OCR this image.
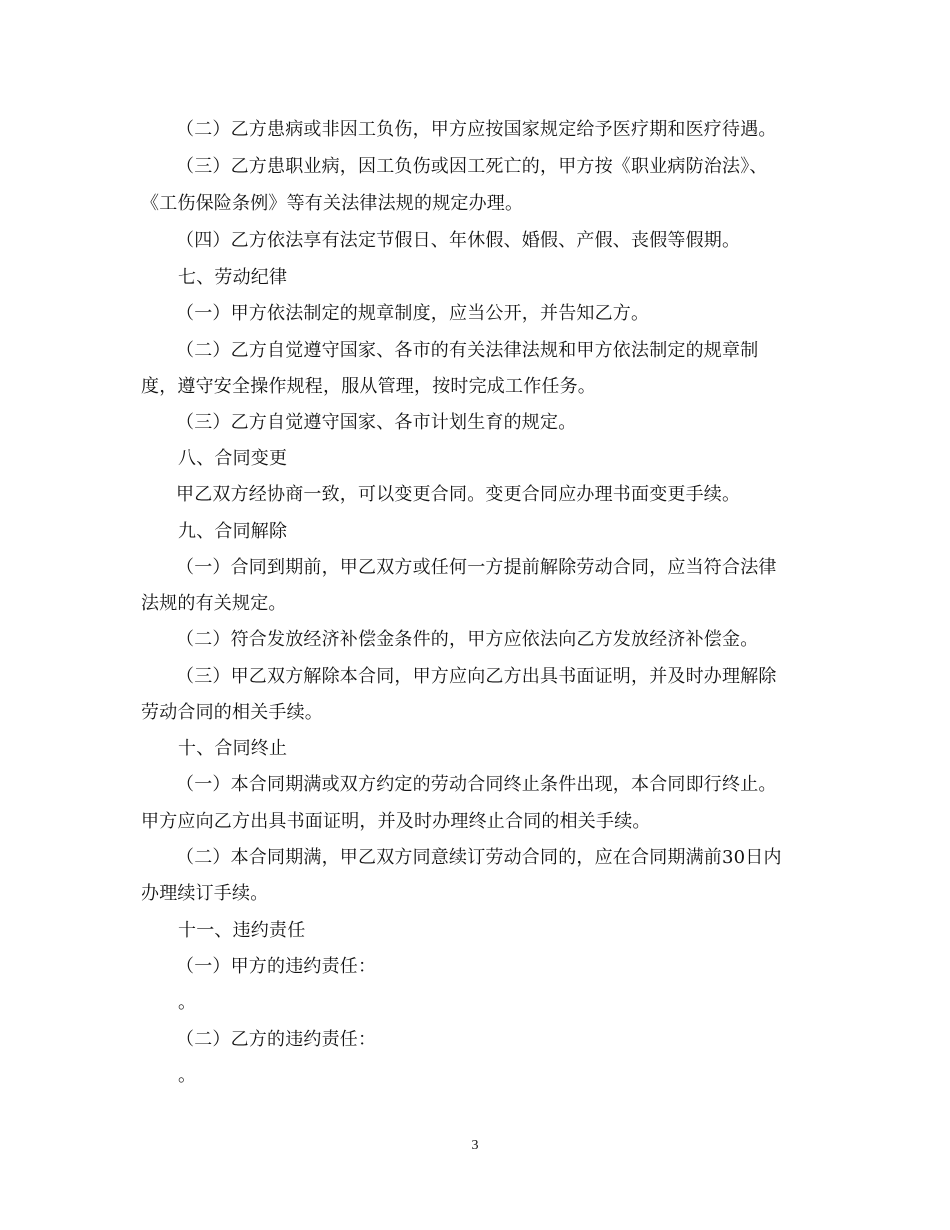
（二）乙方患病或非因工负伤，甲方应按国家规定给予医疗期和医疗待遇。
（三）乙方患职业病，因工负伤或因工死亡的，甲方按《职业病防治法》、
《工伤保险条例》等有关法律法规的规定办理。
（四）乙方依法享有法定节假日、年休假、婚假、产假、丧假等假期。
七、劳动纪律
（一）甲方依法制定的规章制度，应当公开，并告知乙方。
（二）乙方自觉遵守国家、各市的有关法律法规和甲方依法制定的规章制
度，遵守安全操作规程，服从管理，按时完成工作任务。
（三）乙方自觉遵守国家、各市计划生育的规定。
八、合同变更
甲乙双方经协商一致，可以变更合同。变更合同应办理书面变更手续。
九、合同解除
（一）合同到期前，甲乙双方或任何一方提前解除劳动合同，应当符合法律
法规的有关规定。
（二）符合发放经济补偿金条件的，甲方应依法向乙方发放经济补偿金。
（三）甲乙双方解除本合同，甲方应向乙方出具书面证明，并及时办理解除
劳动合同的相关手续。
十、合同终止
（一）本合同期满或双方约定的劳动合同终止条件出现，本合同即行终止。
甲方应向乙方出具书面证明，并及时办理终止合同的相关手续。
（二）本合同期满，甲乙双方同意续订劳动合同的，应在合同期满前30日内
办理续订手续。
十一、违约责任
（一）甲方的违约责任：
。
（二）乙方的违约责任：
。
3
